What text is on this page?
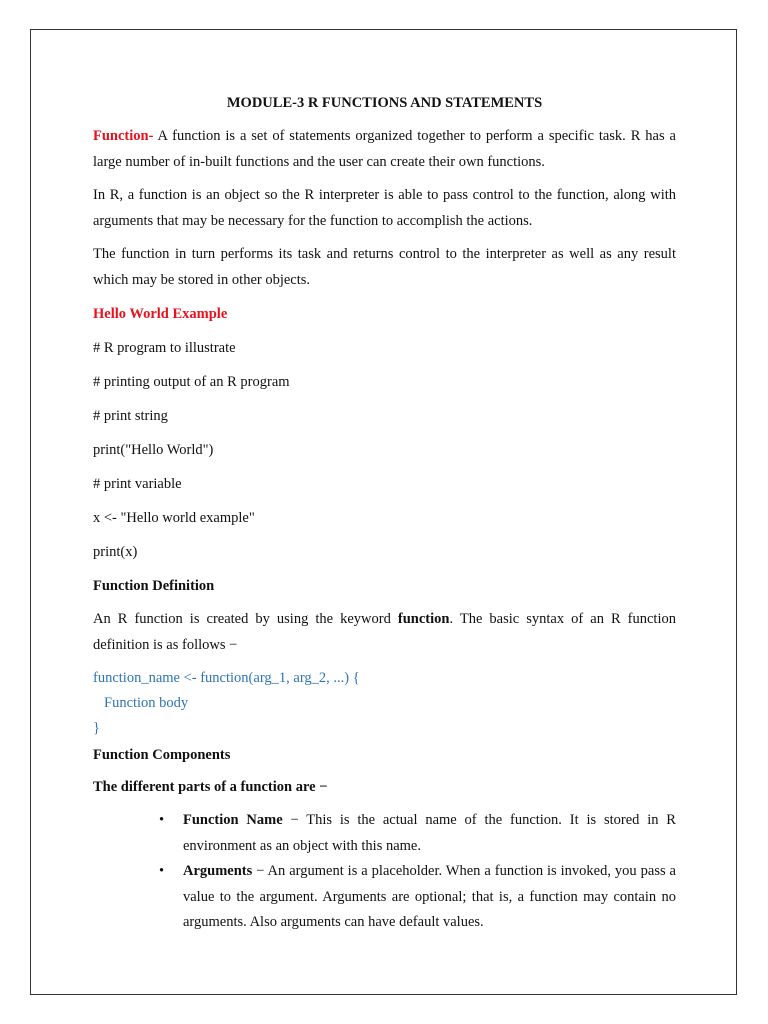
MODULE-3 R FUNCTIONS AND STATEMENTS

Function- A function is a set of statements organized together to perform a specific task. R has a large number of in-built functions and the user can create their own functions.

In R, a function is an object so the R interpreter is able to pass control to the function, along with arguments that may be necessary for the function to accomplish the actions.

The function in turn performs its task and returns control to the interpreter as well as any result which may be stored in other objects.

Hello World Example
# R program to illustrate
# printing output of an R program
# print string
print("Hello World")
# print variable
x <- "Hello world example"
print(x)
Function Definition

An R function is created by using the keyword function. The basic syntax of an R function definition is as follows −

function_name <- function(arg_1, arg_2, ...) {
Function body
}
Function Components
The different parts of a function are −
• Function Name − This is the actual name of the function. It is stored in R environment as an object with this name.
• Arguments − An argument is a placeholder. When a function is invoked, you pass a value to the argument. Arguments are optional; that is, a function may contain no arguments. Also arguments can have default values.
